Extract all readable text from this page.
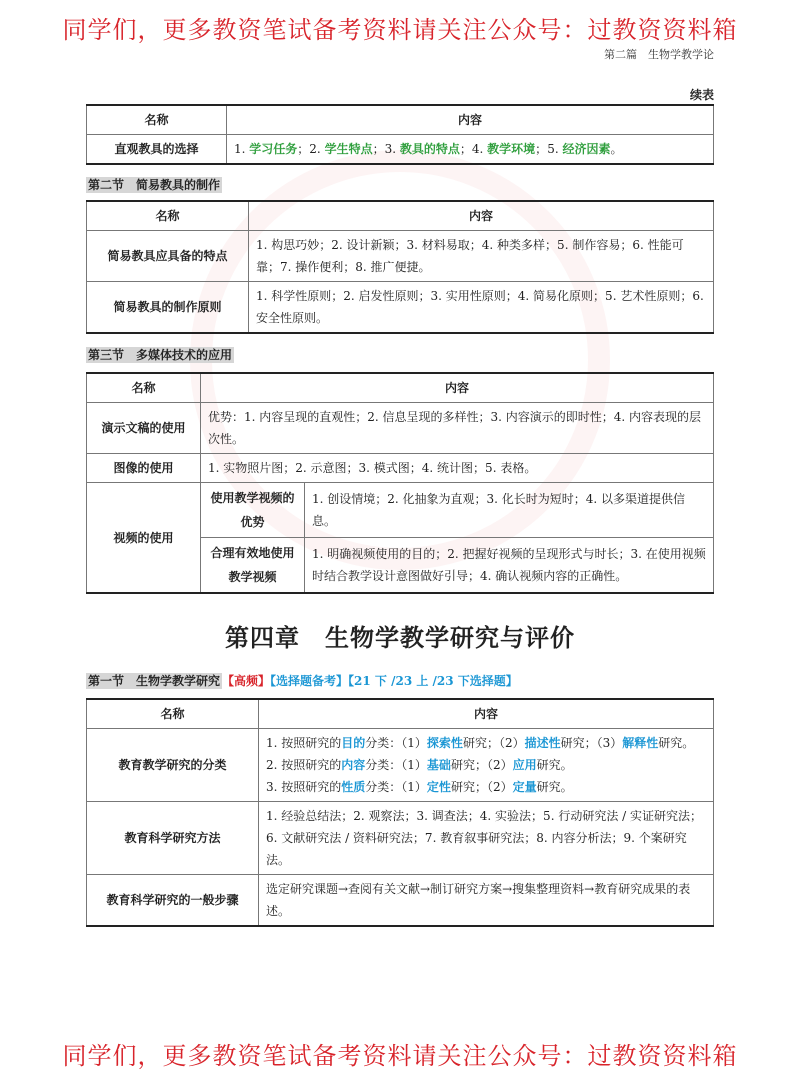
同学们，更多教资笔试备考资料请关注公众号：过教资资料箱
第二篇　生物学教学论
续表
名称	内容
直观教具的选择	1. 学习任务；2. 学生特点；3. 教具的特点；4. 教学环境；5. 经济因素。
第二节　简易教具的制作
名称	内容
简易教具应具备的特点	1. 构思巧妙；2. 设计新颖；3. 材料易取；4. 种类多样；5. 制作容易；6. 性能可靠；7. 操作便利；8. 推广便捷。
简易教具的制作原则	1. 科学性原则；2. 启发性原则；3. 实用性原则；4. 简易化原则；5. 艺术性原则；6. 安全性原则。
第三节　多媒体技术的应用
名称	内容	
演示文稿的使用	优势：1. 内容呈现的直观性；2. 信息呈现的多样性；3. 内容演示的即时性；4. 内容表现的层次性。	
图像的使用	1. 实物照片图；2. 示意图；3. 模式图；4. 统计图；5. 表格。	
视频的使用	使用教学视频的优势	1. 创设情境；2. 化抽象为直观；3. 化长时为短时；4. 以多渠道提供信息。
	合理有效地使用教学视频	1. 明确视频使用的目的；2. 把握好视频的呈现形式与时长；3. 在使用视频时结合教学设计意图做好引导；4. 确认视频内容的正确性。
第四章　生物学教学研究与评价
第一节　生物学教学研究 【高频】【选择题备考】【21 下 /23 上 /23 下选择题】
名称	内容
教育教学研究的分类	1. 按照研究的目的分类：（1）探索性研究；（2）描述性研究；（3）解释性研究。
2. 按照研究的内容分类：（1）基础研究；（2）应用研究。
3. 按照研究的性质分类：（1）定性研究；（2）定量研究。

教育科学研究方法	1. 经验总结法；2. 观察法；3. 调查法；4. 实验法；5. 行动研究法 / 实证研究法；6. 文献研究法 / 资料研究法；7. 教育叙事研究法；8. 内容分析法；9. 个案研究法。
教育科学研究的一般步骤	选定研究课题→查阅有关文献→制订研究方案→搜集整理资料→教育研究成果的表述。
同学们，更多教资笔试备考资料请关注公众号：过教资资料箱
